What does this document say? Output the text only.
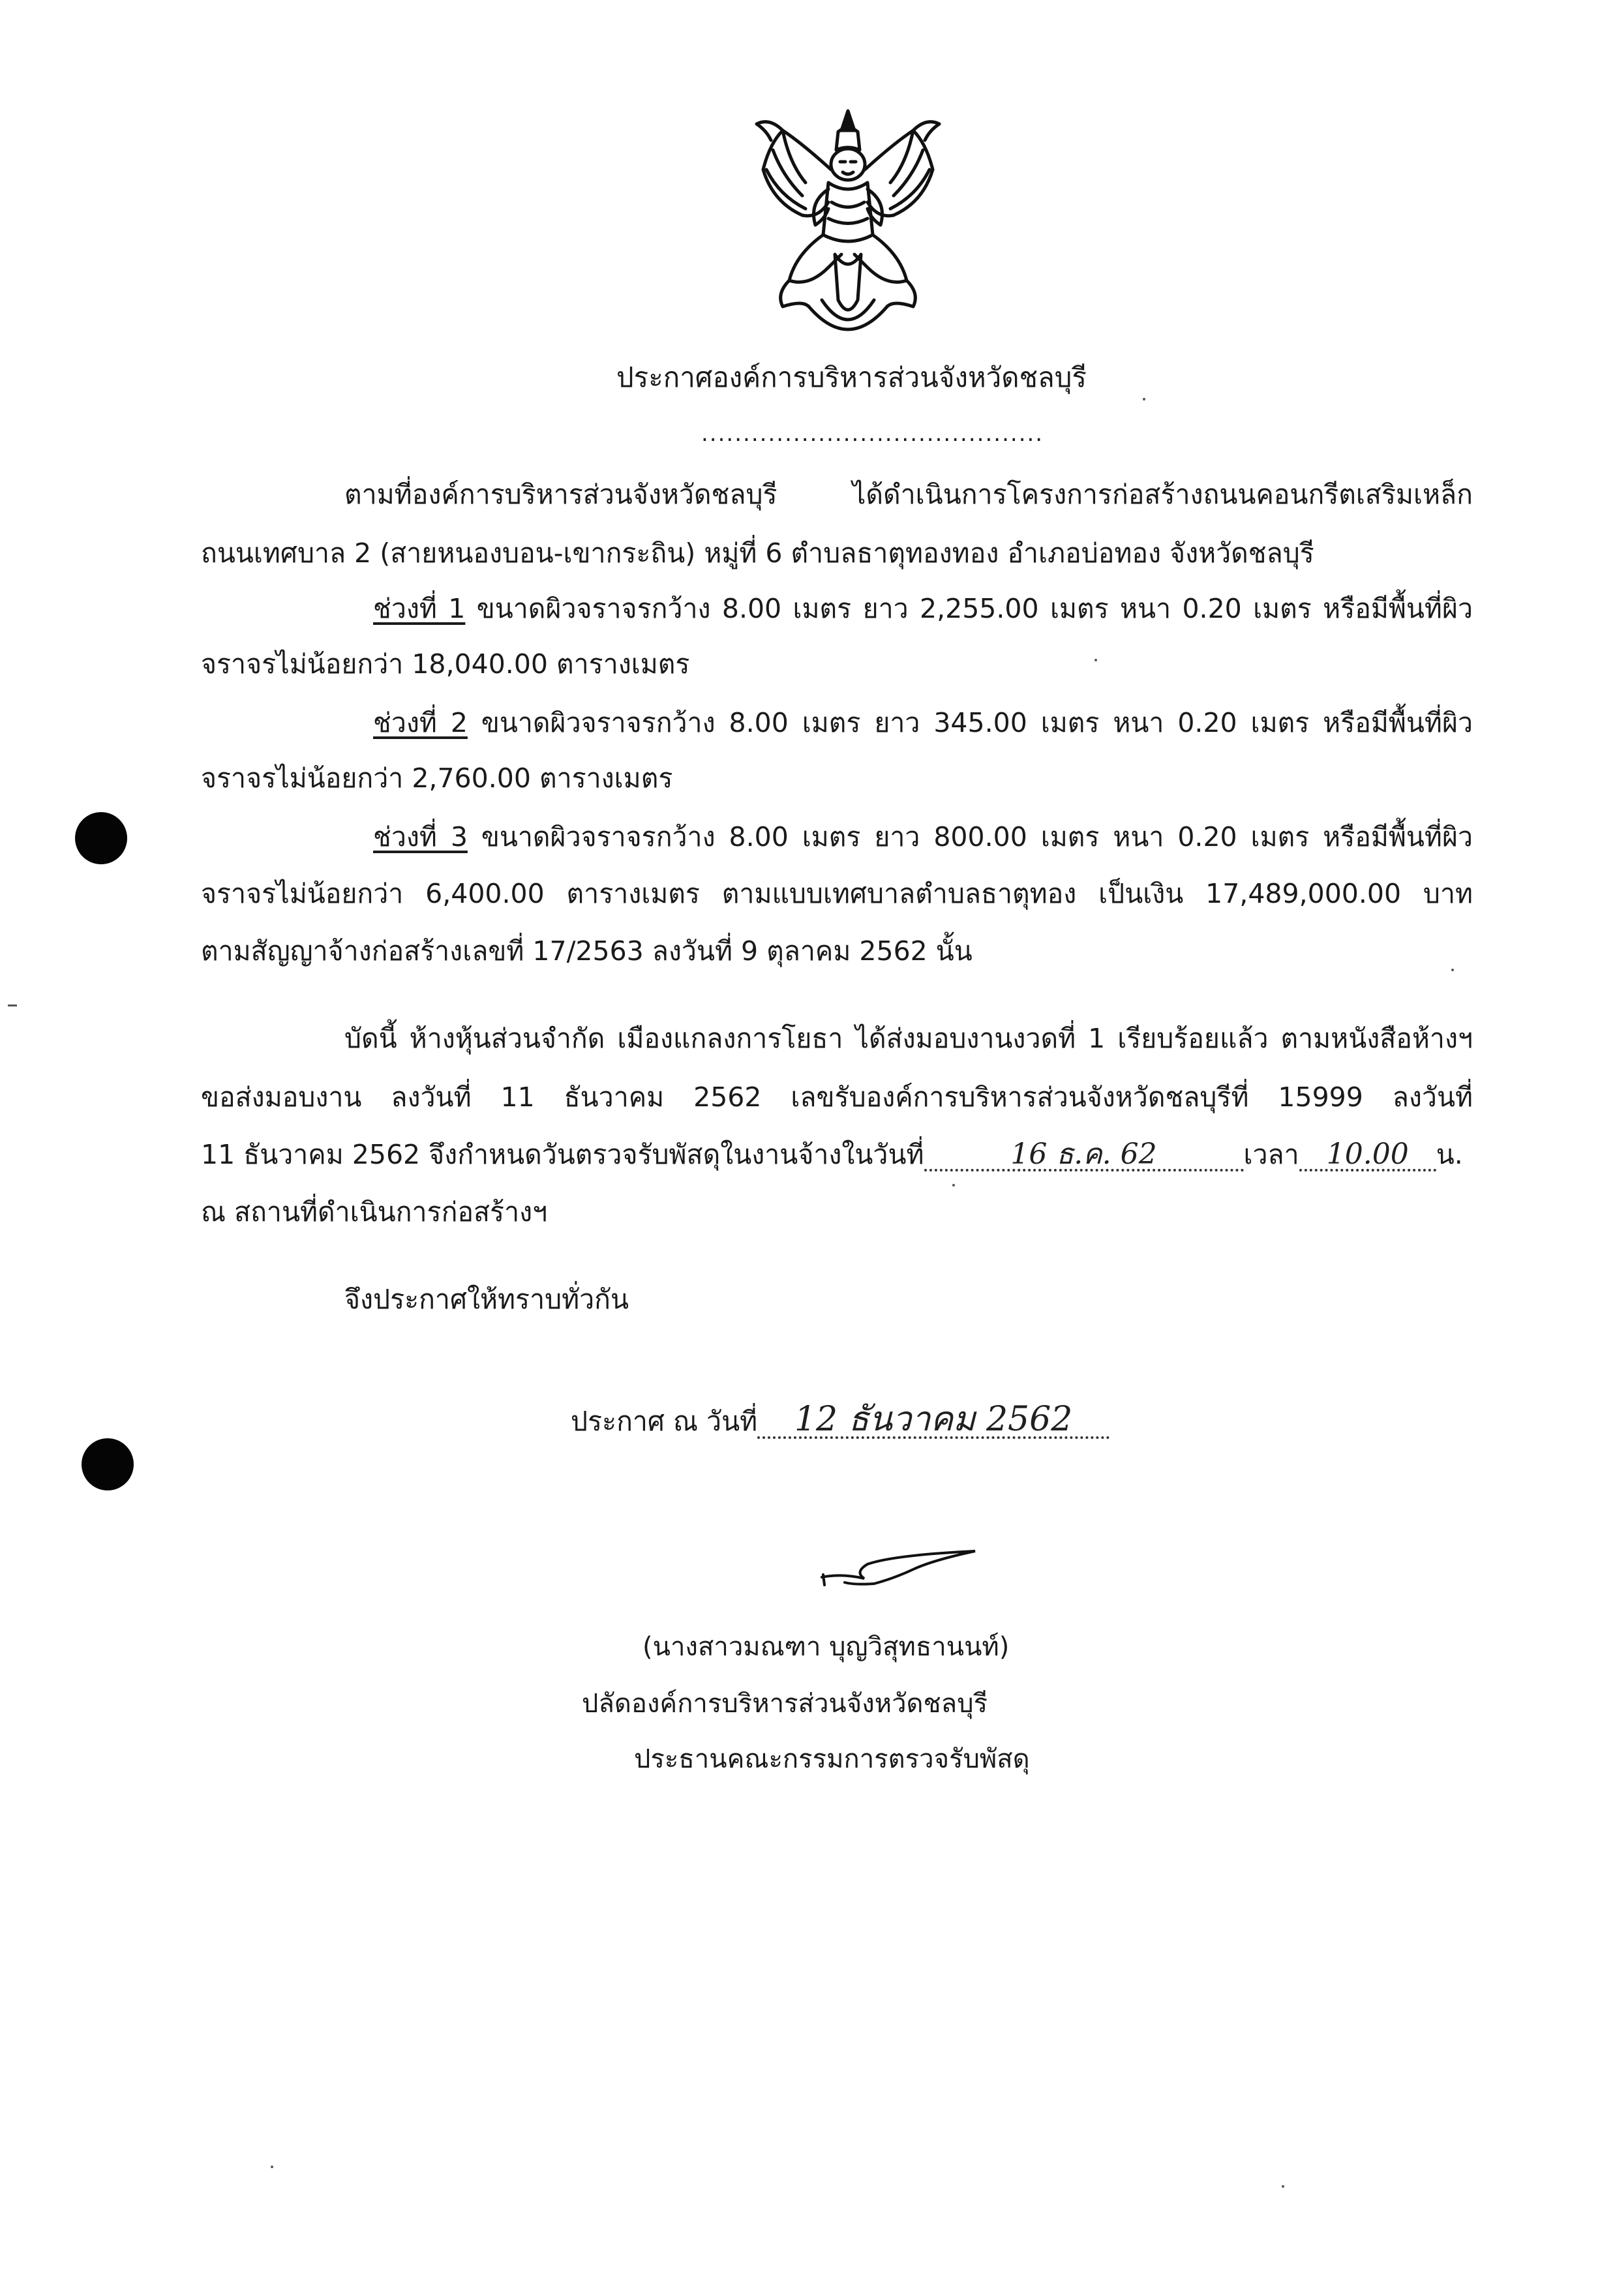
ประกาศองค์การบริหารส่วนจังหวัดชลบุรี
.........................................
ตามที่องค์การบริหารส่วนจังหวัดชลบุรี ได้ดำเนินการโครงการก่อสร้างถนนคอนกรีตเสริมเหล็ก
ถนนเทศบาล 2 (สายหนองบอน-เขากระถิน) หมู่ที่ 6 ตำบลธาตุทองทอง อำเภอบ่อทอง จังหวัดชลบุรี
ช่วงที่ 1 ขนาดผิวจราจรกว้าง 8.00 เมตร ยาว 2,255.00 เมตร หนา 0.20 เมตร หรือมีพื้นที่ผิว
จราจรไม่น้อยกว่า 18,040.00 ตารางเมตร
ช่วงที่ 2 ขนาดผิวจราจรกว้าง 8.00 เมตร ยาว 345.00 เมตร หนา 0.20 เมตร หรือมีพื้นที่ผิว
จราจรไม่น้อยกว่า 2,760.00 ตารางเมตร
ช่วงที่ 3 ขนาดผิวจราจรกว้าง 8.00 เมตร ยาว 800.00 เมตร หนา 0.20 เมตร หรือมีพื้นที่ผิว
จราจรไม่น้อยกว่า 6,400.00 ตารางเมตร ตามแบบเทศบาลตำบลธาตุทอง เป็นเงิน 17,489,000.00 บาท
ตามสัญญาจ้างก่อสร้างเลขที่ 17/2563 ลงวันที่ 9 ตุลาคม 2562 นั้น
บัดนี้ ห้างหุ้นส่วนจำกัด เมืองแกลงการโยธา ได้ส่งมอบงานงวดที่ 1 เรียบร้อยแล้ว ตามหนังสือห้างฯ
ขอส่งมอบงาน ลงวันที่ 11 ธันวาคม 2562 เลขรับองค์การบริหารส่วนจังหวัดชลบุรีที่ 15999 ลงวันที่
11 ธันวาคม 2562 จึงกำหนดวันตรวจรับพัสดุในงานจ้างในวันที่	16 ธ.ค. 62	เวลา 10.00 น.
ณ สถานที่ดำเนินการก่อสร้างฯ
จึงประกาศให้ทราบทั่วกัน
ประกาศ ณ วันที่ 12 ธันวาคม 2562
(นางสาวมณฑา บุญวิสุทธานนท์)
ปลัดองค์การบริหารส่วนจังหวัดชลบุรี
ประธานคณะกรรมการตรวจรับพัสดุ
